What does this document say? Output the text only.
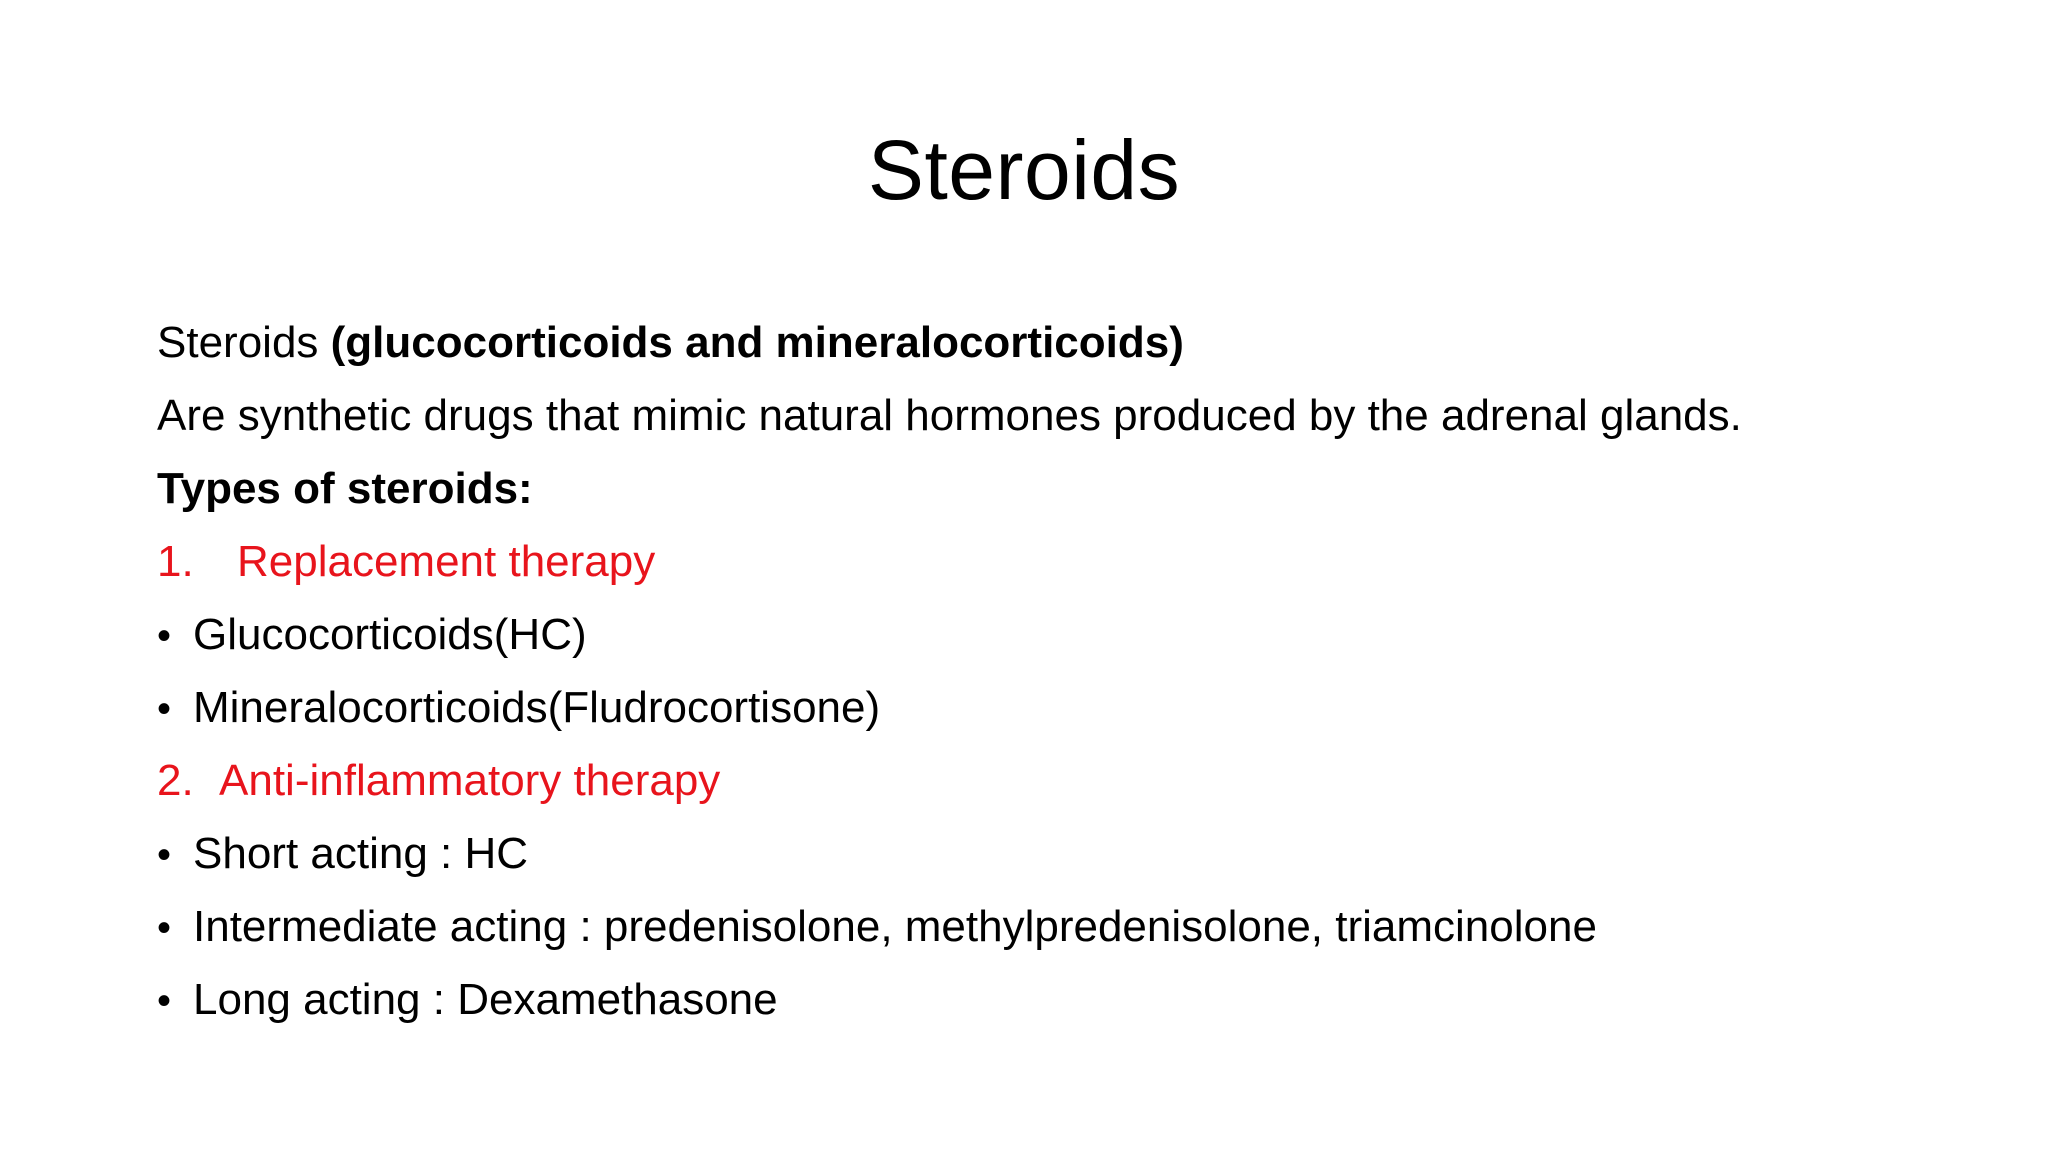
Steroids
Steroids (glucocorticoids and mineralocorticoids)
Are synthetic drugs that mimic natural hormones produced by the adrenal glands.
Types of steroids:
1. Replacement therapy
• Glucocorticoids(HC)
• Mineralocorticoids(Fludrocortisone)
2. Anti-inflammatory therapy
• Short acting : HC
• Intermediate acting : predenisolone, methylpredenisolone, triamcinolone
• Long acting : Dexamethasone
